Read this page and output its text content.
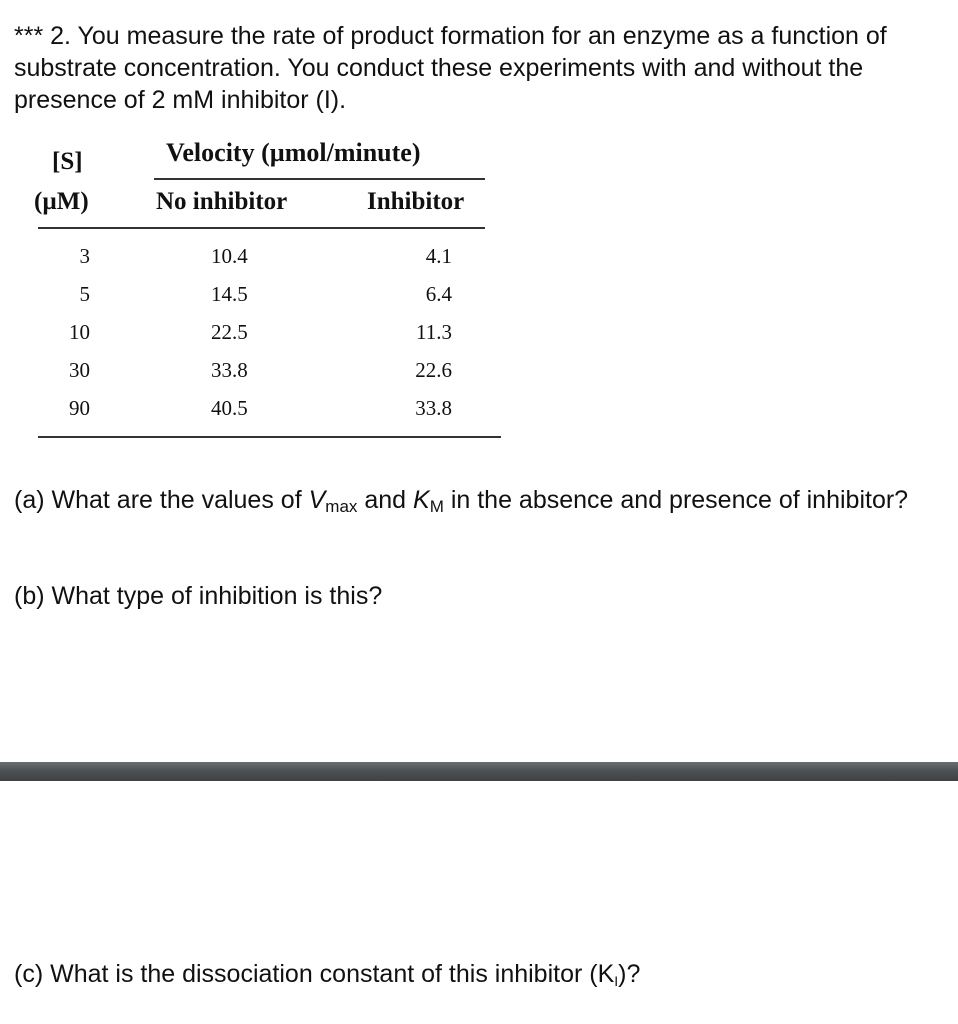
*** 2. You measure the rate of product formation for an enzyme as a function of substrate concentration. You conduct these experiments with and without the presence of 2 mM inhibitor (I).

Velocity (µmol/minute)
[S]
(µM)	No inhibitor	Inhibitor
3	10.4	4.1
5	14.5	6.4
10	22.5	11.3
30	33.8	22.6
90	40.5	33.8

(a) What are the values of $V_{max}$ and $K_M$ in the absence and presence of inhibitor?

(b) What type of inhibition is this?

(c) What is the dissociation constant of this inhibitor (KI)?
